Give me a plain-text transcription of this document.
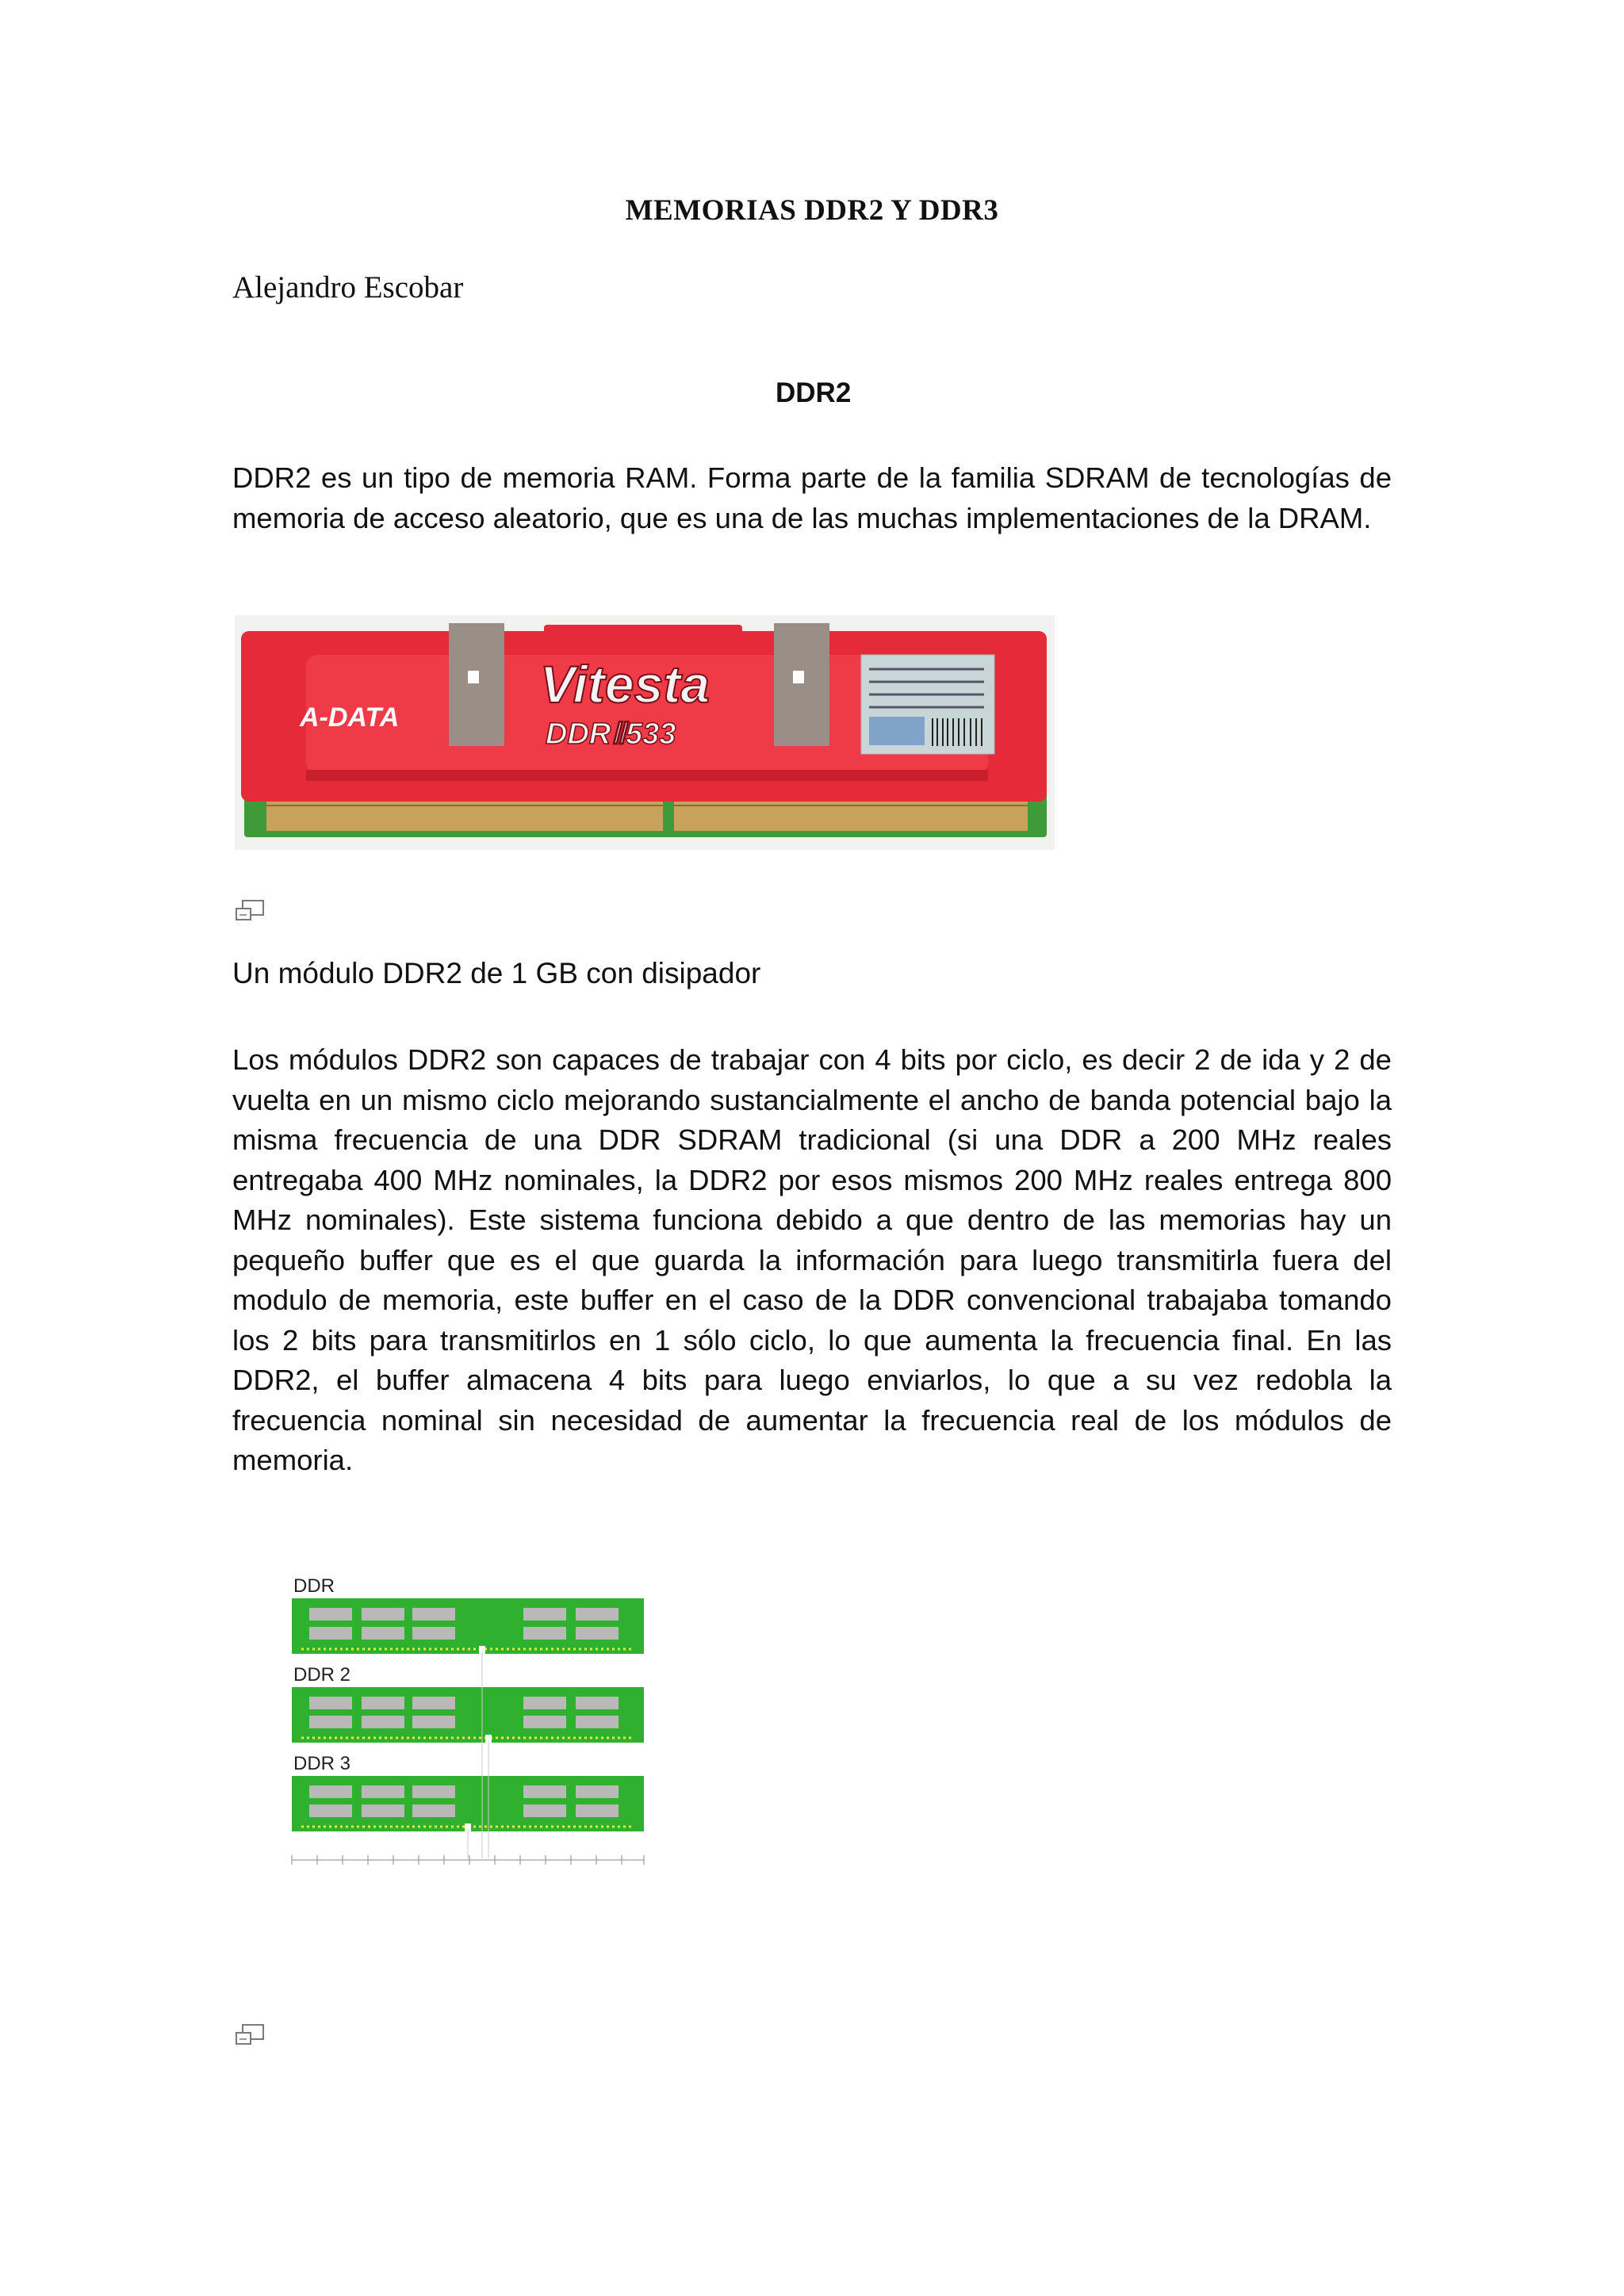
MEMORIAS DDR2 Y DDR3

Alejandro Escobar

DDR2

DDR2 es un tipo de memoria RAM. Forma parte de la familia SDRAM de tecnologías de memoria de acceso aleatorio, que es una de las muchas implementaciones de la DRAM.

A-DATA
Vitesta
DDRⅡ533

Un módulo DDR2 de 1 GB con disipador

Los módulos DDR2 son capaces de trabajar con 4 bits por ciclo, es decir 2 de ida y 2 de vuelta en un mismo ciclo mejorando sustancialmente el ancho de banda potencial bajo la misma frecuencia de una DDR SDRAM tradicional (si una DDR a 200 MHz reales entregaba 400 MHz nominales, la DDR2 por esos mismos 200 MHz reales entrega 800 MHz nominales). Este sistema funciona debido a que dentro de las memorias hay un pequeño buffer que es el que guarda la información para luego transmitirla fuera del modulo de memoria, este buffer en el caso de la DDR convencional trabajaba tomando los 2 bits para transmitirlos en 1 sólo ciclo, lo que aumenta la frecuencia final. En las DDR2, el buffer almacena 4 bits para luego enviarlos, lo que a su vez redobla la frecuencia nominal sin necesidad de aumentar la frecuencia real de los módulos de memoria.

DDR
DDR 2
DDR 3
